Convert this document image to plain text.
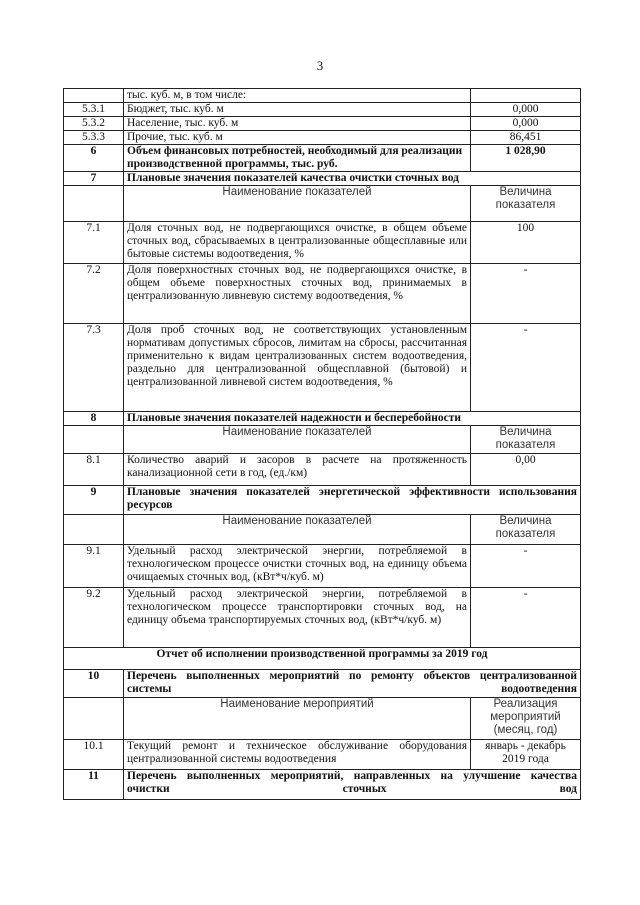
3
	тыс. куб. м, в том числе:	
5.3.1	Бюджет, тыс. куб. м	0,000
5.3.2	Население, тыс. куб. м	0,000
5.3.3	Прочие, тыс. куб. м	86,451
6	Объем финансовых потребностей, необходимый для реализации производственной программы, тыс. руб.	1 028,90
7	Плановые значения показателей качества очистки сточных вод	
	Наименование показателей	Величина показателя
7.1	Доля сточных вод, не подвергающихся очистке, в общем объеме сточных вод, сбрасываемых в централизованные общесплавные или бытовые системы водоотведения, %	100
7.2	Доля поверхностных сточных вод, не подвергающихся очистке, в общем объеме поверхностных сточных вод, принимаемых в централизованную ливневую систему водоотведения, %	-
7.3	Доля проб сточных вод, не соответствующих установленным нормативам допустимых сбросов, лимитам на сбросы, рассчитанная применительно к видам централизованных систем водоотведения, раздельно для централизованной общесплавной (бытовой) и централизованной ливневой систем водоотведения, %	-
8	Плановые значения показателей надежности и бесперебойности	
	Наименование показателей	Величина показателя
8.1	Количество аварий и засоров в расчете на протяженность канализационной сети в год, (ед./км)	0,00
9	Плановые значения показателей энергетической эффективности использования ресурсов	
	Наименование показателей	Величина показателя
9.1	Удельный расход электрической энергии, потребляемой в технологическом процессе очистки сточных вод, на единицу объема очищаемых сточных вод, (кВт*ч/куб. м)	-
9.2	Удельный расход электрической энергии, потребляемой в технологическом процессе транспортировки сточных вод, на единицу объема транспортируемых сточных вод, (кВт*ч/куб. м)	-
Отчет об исполнении производственной программы за 2019 год		
10	Перечень выполненных мероприятий по ремонту объектов централизованной системы водоотведения	
	Наименование мероприятий	Реализация мероприятий (месяц, год)
10.1	Текущий ремонт и техническое обслуживание оборудования централизованной системы водоотведения	январь - декабрь 2019 года
11	Перечень выполненных мероприятий, направленных на улучшение качества очистки сточных вод	
